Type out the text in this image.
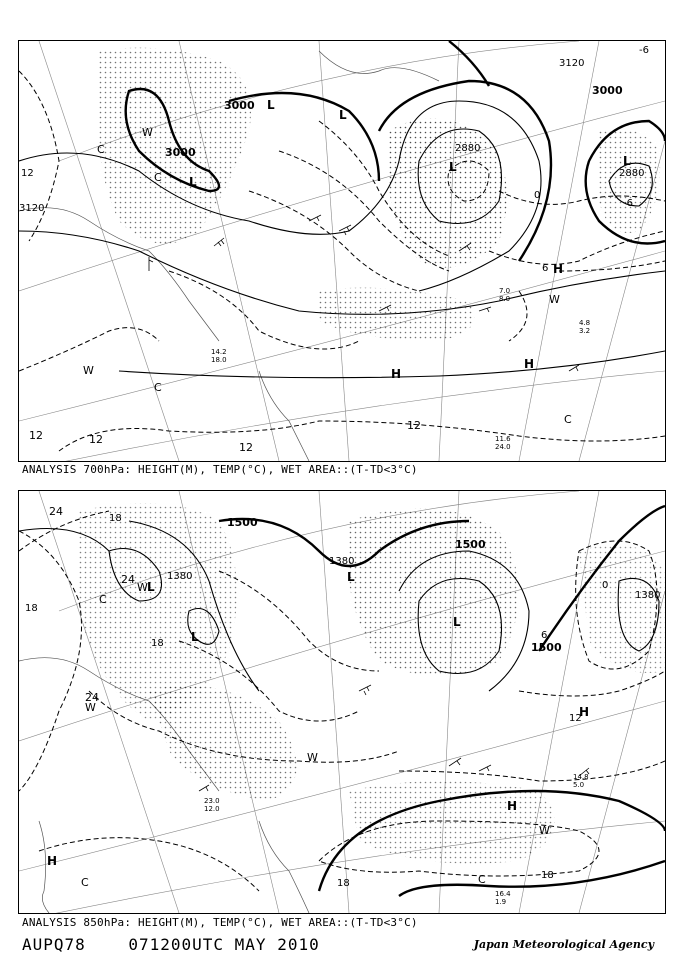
3000
3000
3120
3120
2880
2880
3000
12
12	12
12
12
-6
-6
0
6
L
L
L	L
L
H
H
H
W
W
C
C
C
C
W
11.6
24.0
4.8
3.2
7.0
8.0
14.2
18.0
ANALYSIS 700hPa: HEIGHT(M), TEMP(°C), WET AREA::(T-TD<3°C)
1500
1500
1500
1380
1380
1380
24
24
24
18
18
18
18
12
18
0
6
L
L
L
L
H
H
H
W
W
W
C
C
W
C
14.8
5.0
16.4
1.9
23.0
12.0
ANALYSIS 850hPa: HEIGHT(M), TEMP(°C), WET AREA::(T-TD<3°C)
AUPQ78	071200UTC MAY 2010	Japan Meteorological Agency
